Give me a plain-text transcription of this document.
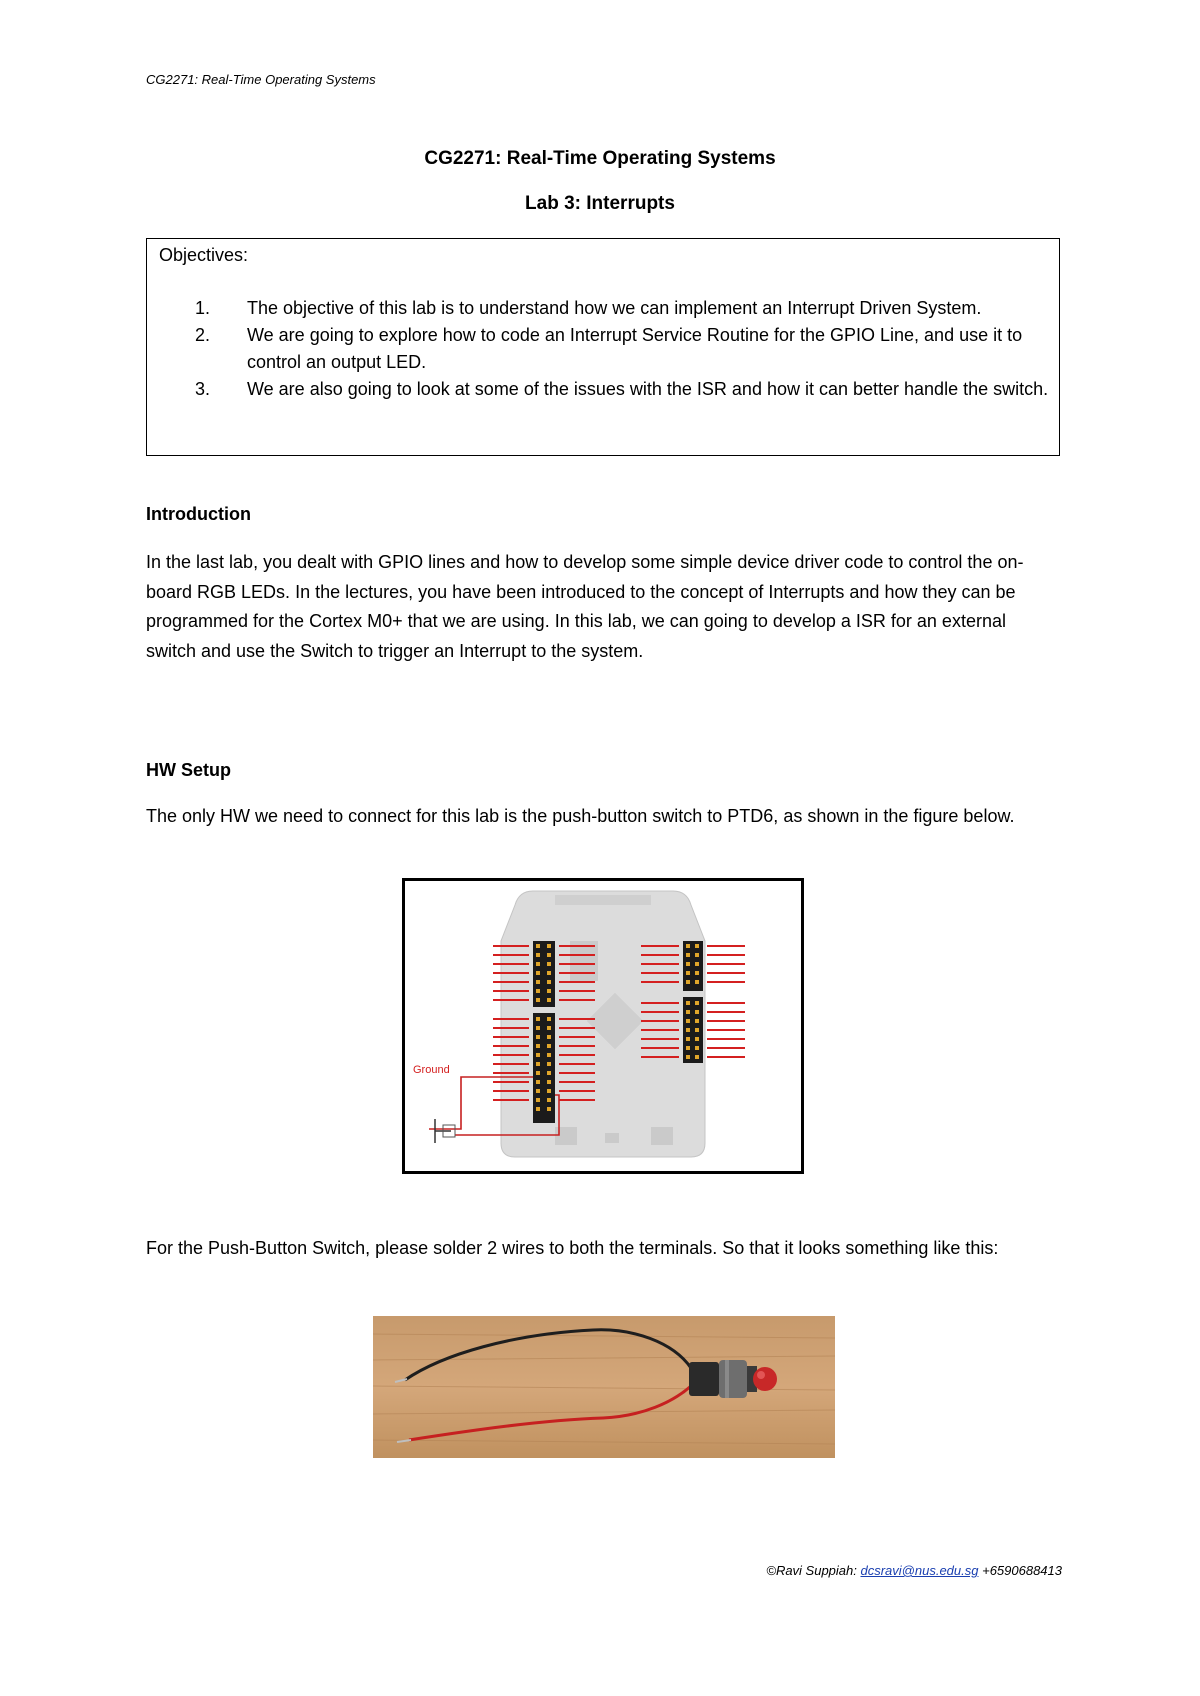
CG2271: Real-Time Operating Systems
CG2271: Real-Time Operating Systems
Lab 3: Interrupts
Objectives:
1.	The objective of this lab is to understand how we can implement an Interrupt Driven System.
2.	We are going to explore how to code an Interrupt Service Routine for the GPIO Line, and use it to control an output LED.
3.	We are also going to look at some of the issues with the ISR and how it can better handle the switch.
Introduction
In the last lab, you dealt with GPIO lines and how to develop some simple device driver code to control the on-board RGB LEDs. In the lectures, you have been introduced to the concept of Interrupts and how they can be programmed for the Cortex M0+ that we are using. In this lab, we can going to develop a ISR for an external switch and use the Switch to trigger an Interrupt to the system.
HW Setup
The only HW we need to connect for this lab is the push-button switch to PTD6, as shown in the figure below.
Ground
For the Push-Button Switch, please solder 2 wires to both the terminals. So that it looks something like this:
©Ravi Suppiah: dcsravi@nus.edu.sg +6590688413
